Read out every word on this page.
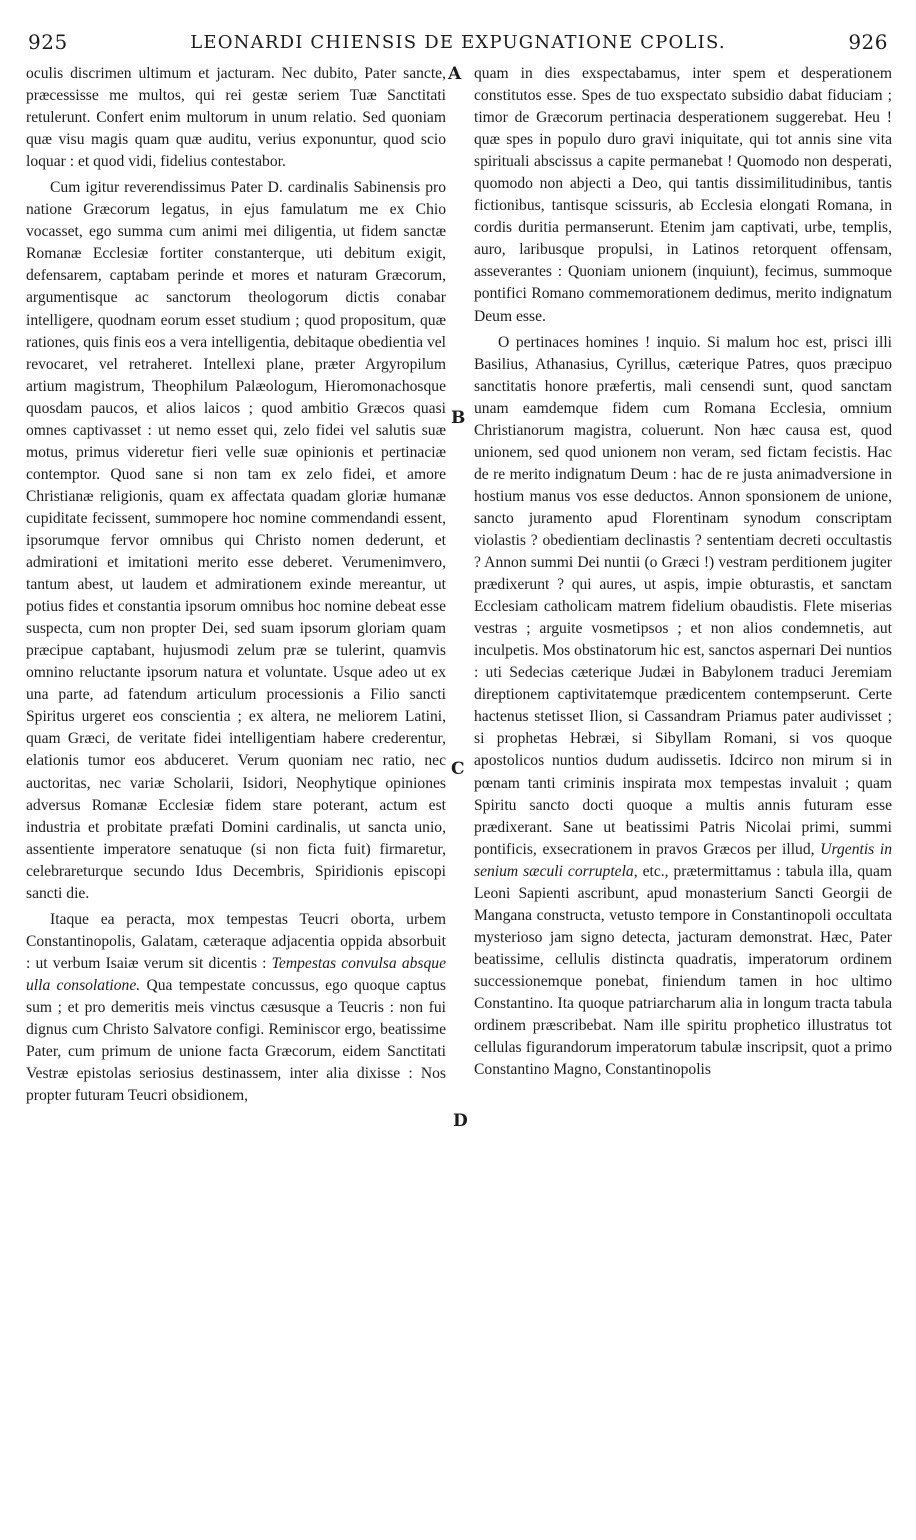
925	LEONARDI CHIENSIS DE EXPUGNATIONE CPOLIS.	926

oculis discrimen ultimum et jacturam. Nec dubito, Pater sancte, præcessisse me multos, qui rei gestæ seriem Tuæ Sanctitati retulerunt. Confert enim multorum in unum relatio. Sed quoniam quæ visu magis quam quæ auditu, verius exponuntur, quod scio loquar : et quod vidi, fidelius contestabor.

Cum igitur reverendissimus Pater D. cardinalis Sabinensis pro natione Græcorum legatus, in ejus famulatum me ex Chio vocasset, ego summa cum animi mei diligentia, ut fidem sanctæ Romanæ Ecclesiæ fortiter constanterque, uti debitum exigit, defensarem, captabam perinde et mores et naturam Græcorum, argumentisque ac sanctorum theologorum dictis conabar intelligere, quodnam eorum esset studium ; quod propositum, quæ rationes, quis finis eos a vera intelligentia, debitaque obedientia vel revocaret, vel retraheret. Intellexi plane, præter Argyropilum artium magistrum, Theophilum Palæologum, Hieromonachosque quosdam paucos, et alios laicos ; quod ambitio Græcos quasi omnes captivasset : ut nemo esset qui, zelo fidei vel salutis suæ motus, primus videretur fieri velle suæ opinionis et pertinaciæ contemptor. Quod sane si non tam ex zelo fidei, et amore Christianæ religionis, quam ex affectata quadam gloriæ humanæ cupiditate fecissent, summopere hoc nomine commendandi essent, ipsorumque fervor omnibus qui Christo nomen dederunt, et admirationi et imitationi merito esse deberet. Verumenimvero, tantum abest, ut laudem et admirationem exinde mereantur, ut potius fides et constantia ipsorum omnibus hoc nomine debeat esse suspecta, cum non propter Dei, sed suam ipsorum gloriam quam præcipue captabant, hujusmodi zelum præ se tulerint, quamvis omnino reluctante ipsorum natura et voluntate. Usque adeo ut ex una parte, ad fatendum articulum processionis a Filio sancti Spiritus urgeret eos conscientia ; ex altera, ne meliorem Latini, quam Græci, de veritate fidei intelligentiam habere crederentur, elationis tumor eos abduceret. Verum quoniam nec ratio, nec auctoritas, nec variæ Scholarii, Isidori, Neophytique opiniones adversus Romanæ Ecclesiæ fidem stare poterant, actum est industria et probitate præfati Domini cardinalis, ut sancta unio, assentiente imperatore senatuque (si non ficta fuit) firmaretur, celebrareturque secundo Idus Decembris, Spiridionis episcopi sancti die.

Itaque ea peracta, mox tempestas Teucri oborta, urbem Constantinopolis, Galatam, cæteraque adjacentia oppida absorbuit : ut verbum Isaiæ verum sit dicentis : Tempestas convulsa absque ulla consolatione. Qua tempestate concussus, ego quoque captus sum ; et pro demeritis meis vinctus cæsusque a Teucris : non fui dignus cum Christo Salvatore configi. Reminiscor ergo, beatissime Pater, cum primum de unione facta Græcorum, eidem Sanctitati Vestræ epistolas seriosius destinassem, inter alia dixisse : Nos propter futuram Teucri obsidionem,

A
B
C
D

quam in dies exspectabamus, inter spem et desperationem constitutos esse. Spes de tuo exspectato subsidio dabat fiduciam ; timor de Græcorum pertinacia desperationem suggerebat. Heu ! quæ spes in populo duro gravi iniquitate, qui tot annis sine vita spirituali abscissus a capite permanebat ! Quomodo non desperati, quomodo non abjecti a Deo, qui tantis dissimilitudinibus, tantis fictionibus, tantisque scissuris, ab Ecclesia elongati Romana, in cordis duritia permanserunt. Etenim jam captivati, urbe, templis, auro, laribusque propulsi, in Latinos retorquent offensam, asseverantes : Quoniam unionem (inquiunt), fecimus, summoque pontifici Romano commemorationem dedimus, merito indignatum Deum esse.

O pertinaces homines ! inquio. Si malum hoc est, prisci illi Basilius, Athanasius, Cyrillus, cæterique Patres, quos præcipuo sanctitatis honore præfertis, mali censendi sunt, quod sanctam unam eamdemque fidem cum Romana Ecclesia, omnium Christianorum magistra, coluerunt. Non hæc causa est, quod unionem, sed quod unionem non veram, sed fictam fecistis. Hac de re merito indignatum Deum : hac de re justa animadversione in hostium manus vos esse deductos. Annon sponsionem de unione, sancto juramento apud Florentinam synodum conscriptam violastis ? obedientiam declinastis ? sententiam decreti occultastis ? Annon summi Dei nuntii (o Græci !) vestram perditionem jugiter prædixerunt ? qui aures, ut aspis, impie obturastis, et sanctam Ecclesiam catholicam matrem fidelium obaudistis. Flete miserias vestras ; arguite vosmetipsos ; et non alios condemnetis, aut inculpetis. Mos obstinatorum hic est, sanctos aspernari Dei nuntios : uti Sedecias cæterique Judæi in Babylonem traduci Jeremiam direptionem captivitatemque prædicentem contempserunt. Certe hactenus stetisset Ilion, si Cassandram Priamus pater audivisset ; si prophetas Hebræi, si Sibyllam Romani, si vos quoque apostolicos nuntios dudum audissetis. Idcirco non mirum si in pœnam tanti criminis inspirata mox tempestas invaluit ; quam Spiritu sancto docti quoque a multis annis futuram esse prædixerant. Sane ut beatissimi Patris Nicolai primi, summi pontificis, exsecrationem in pravos Græcos per illud, Urgentis in senium sæculi corruptela, etc., prætermittamus : tabula illa, quam Leoni Sapienti ascribunt, apud monasterium Sancti Georgii de Mangana constructa, vetusto tempore in Constantinopoli occultata mysterioso jam signo detecta, jacturam demonstrat. Hæc, Pater beatissime, cellulis distincta quadratis, imperatorum ordinem successionemque ponebat, finiendum tamen in hoc ultimo Constantino. Ita quoque patriarcharum alia in longum tracta tabula ordinem præscribebat. Nam ille spiritu prophetico illustratus tot cellulas figurandorum imperatorum tabulæ inscripsit, quot a primo Constantino Magno, Constantinopolis
